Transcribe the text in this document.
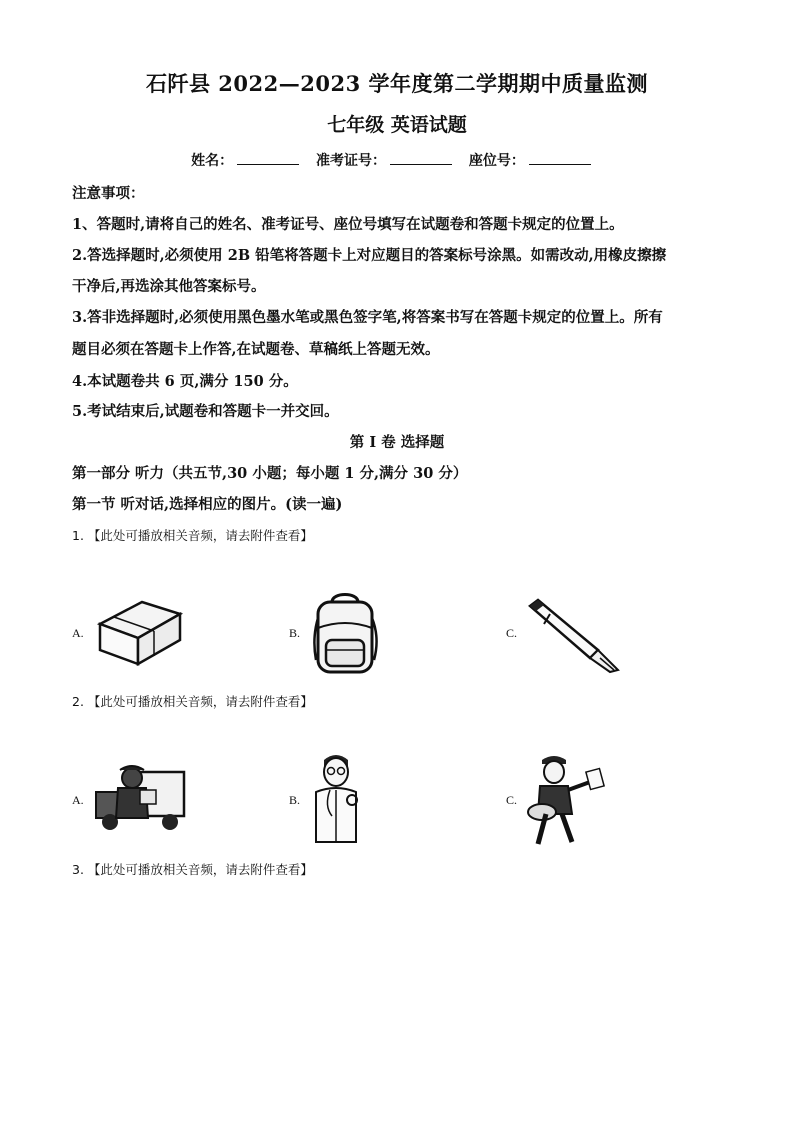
石阡县 2022—2023 学年度第二学期期中质量监测
七年级 英语试题
姓名：	准考证号：	座位号：
注意事项：
1、答题时,请将自己的姓名、准考证号、座位号填写在试题卷和答题卡规定的位置上。
2.答选择题时,必须使用 2B 铅笔将答题卡上对应题目的答案标号涂黑。如需改动,用橡皮擦擦
干净后,再选涂其他答案标号。
3.答非选择题时,必须使用黑色墨水笔或黑色签字笔,将答案书写在答题卡规定的位置上。所有
题目必须在答题卡上作答,在试题卷、草稿纸上答题无效。
4.本试题卷共 6 页,满分 150 分。
5.考试结束后,试题卷和答题卡一并交回。
第 I 卷 选择题
第一部分 听力（共五节,30 小题；每小题 1 分,满分 30 分）
第一节 听对话,选择相应的图片。(读一遍)
1. 【此处可播放相关音频，请去附件查看】
A.	B.	C.
2. 【此处可播放相关音频，请去附件查看】
A.	B.	C.
3. 【此处可播放相关音频，请去附件查看】
